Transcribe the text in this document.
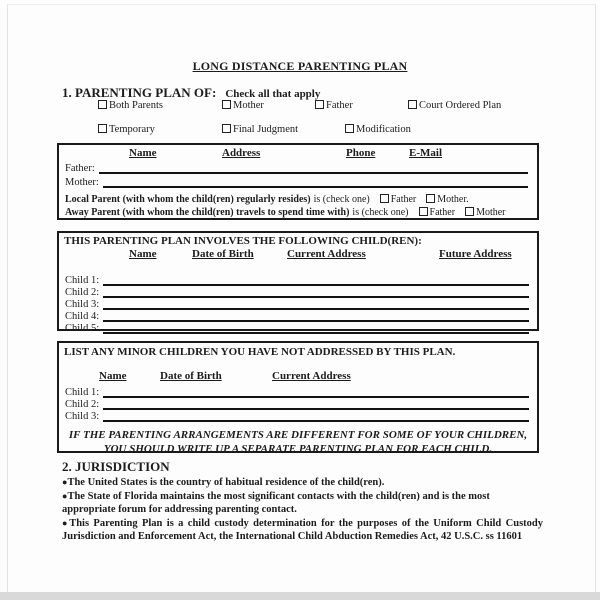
LONG DISTANCE PARENTING PLAN
1. PARENTING PLAN OF: Check all that apply
Both Parents	Mother	Father	Court Ordered Plan
Temporary	Final Judgment	Modification
Name	Address	Phone	E-Mail
Father:
Mother:
Local Parent (with whom the child(ren) regularly resides) is (check one) Father Mother.
Away Parent (with whom the child(ren) travels to spend time with) is (check one) Father Mother
THIS PARENTING PLAN INVOLVES THE FOLLOWING CHILD(REN):
Name	Date of Birth	Current Address	Future Address
Child 1:
Child 2:
Child 3:
Child 4:
Child 5:
LIST ANY MINOR CHILDREN YOU HAVE NOT ADDRESSED BY THIS PLAN.
Name	Date of Birth	Current Address
Child 1:
Child 2:
Child 3:
IF THE PARENTING ARRANGEMENTS ARE DIFFERENT FOR SOME OF YOUR CHILDREN,
YOU SHOULD WRITE UP A SEPARATE PARENTING PLAN FOR EACH CHILD.
2. JURISDICTION

●The United States is the country of habitual residence of the child(ren).

●The State of Florida maintains the most significant contacts with the child(ren) and is the most appropriate forum for addressing parenting contact.

●This Parenting Plan is a child custody determination for the purposes of the Uniform Child Custody Jurisdiction and Enforcement Act, the International Child Abduction Remedies Act, 42 U.S.C. ss 11601
